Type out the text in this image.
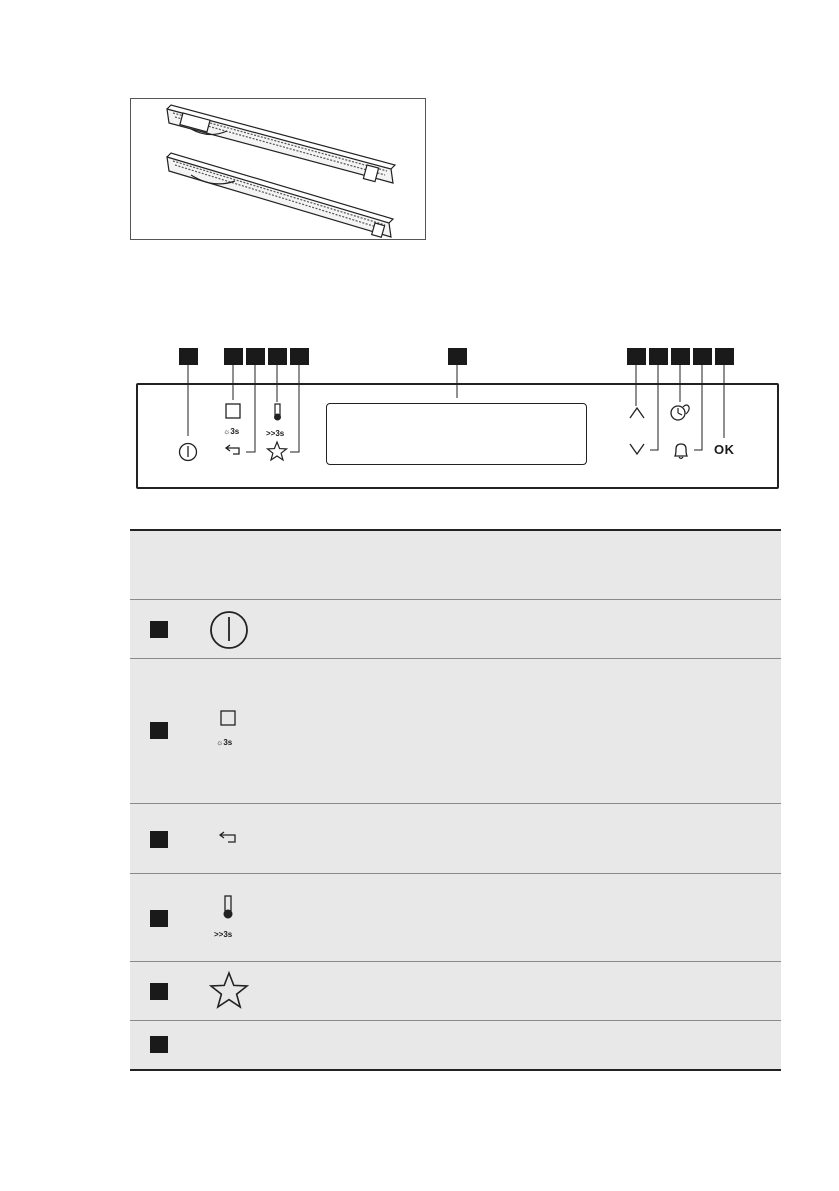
☼3s	>>3s
OK
☼3s
>>3s
